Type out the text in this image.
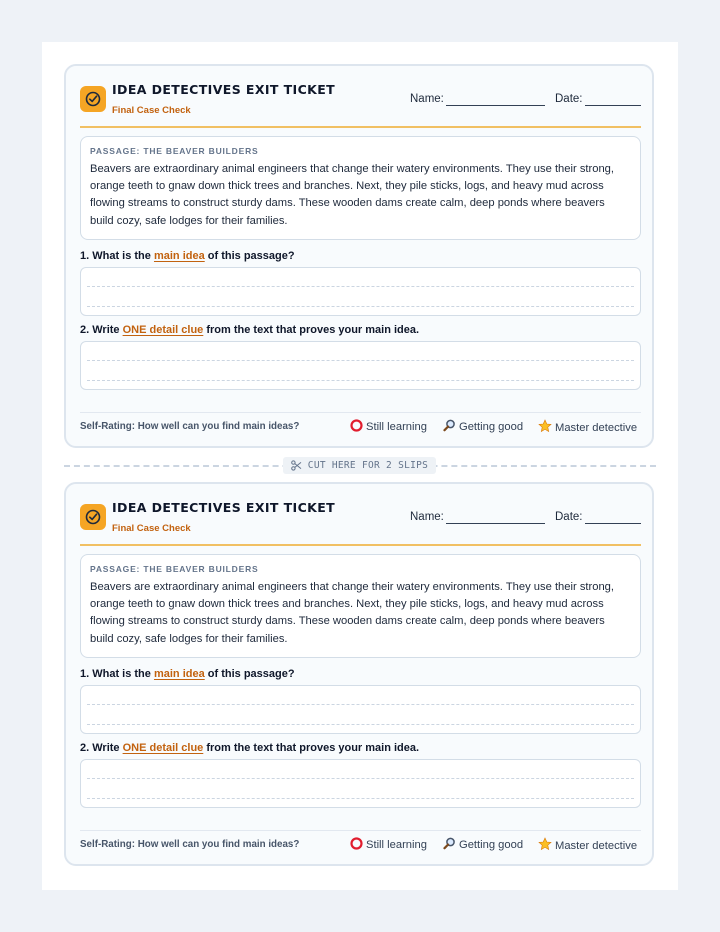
IDEA DETECTIVES EXIT TICKET
Final Case Check
Name:	Date:
PASSAGE: THE BEAVER BUILDERS
Beavers are extraordinary animal engineers that change their watery environments. They use their strong, orange teeth to gnaw down thick trees and branches. Next, they pile sticks, logs, and heavy mud across flowing streams to construct sturdy dams. These wooden dams create calm, deep ponds where beavers build cozy, safe lodges for their families.
1. What is the main idea of this passage?
2. Write ONE detail clue from the text that proves your main idea.
Self-Rating: How well can you find main ideas?	Still learning	Getting good	Master detective
IDEA DETECTIVES EXIT TICKET
Final Case Check
Name:	Date:
PASSAGE: THE BEAVER BUILDERS
Beavers are extraordinary animal engineers that change their watery environments. They use their strong, orange teeth to gnaw down thick trees and branches. Next, they pile sticks, logs, and heavy mud across flowing streams to construct sturdy dams. These wooden dams create calm, deep ponds where beavers build cozy, safe lodges for their families.
1. What is the main idea of this passage?
2. Write ONE detail clue from the text that proves your main idea.
Self-Rating: How well can you find main ideas?	Still learning	Getting good	Master detective
CUT HERE FOR 2 SLIPS
